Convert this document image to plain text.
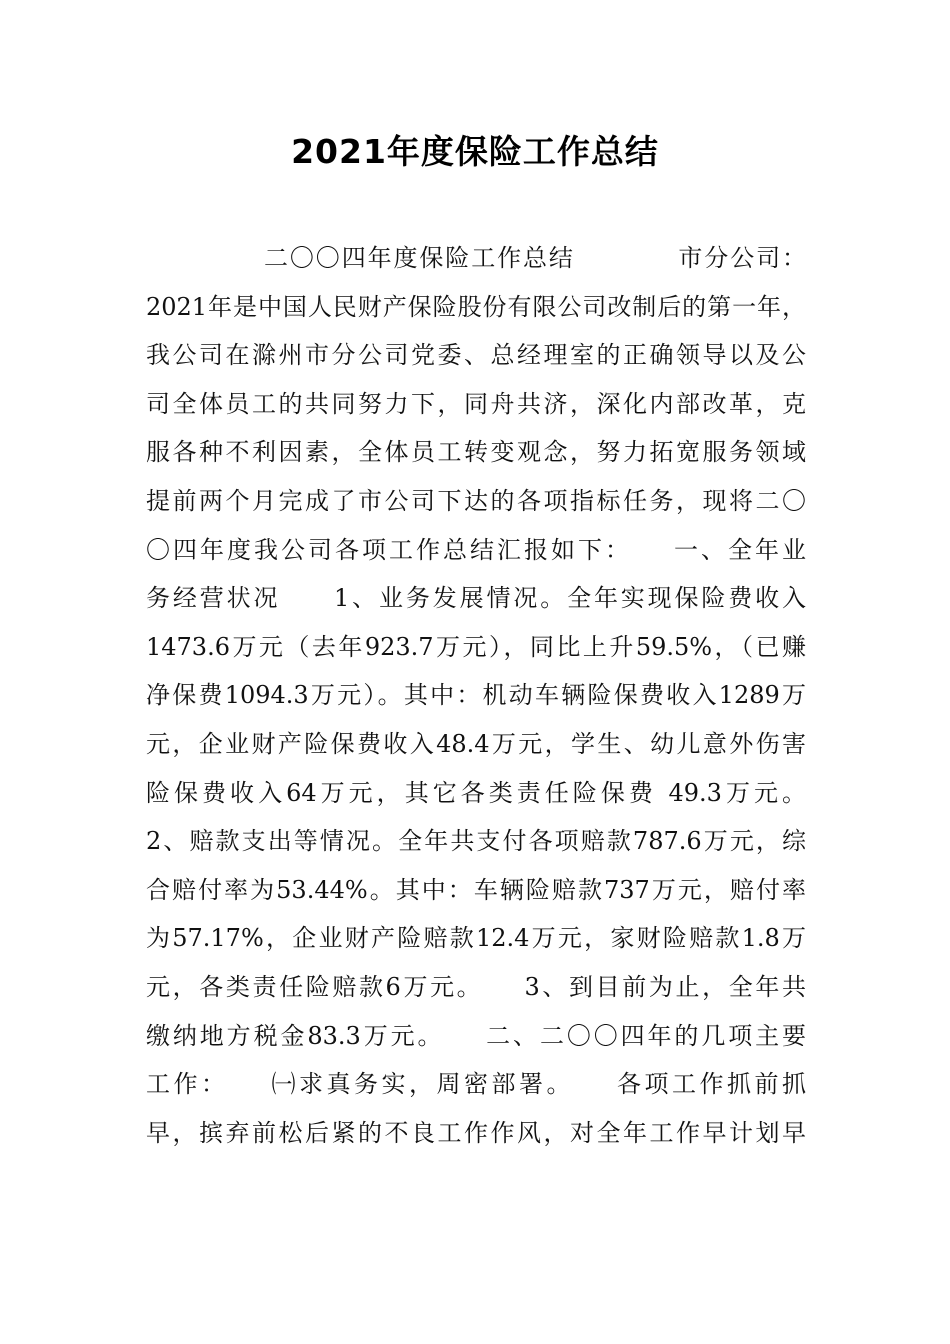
2021年度保险工作总结
二〇〇四年度保险工作总结　　　　市分公司：
2021年是中国人民财产保险股份有限公司改制后的第一年，
我公司在滁州市分公司党委、总经理室的正确领导以及公
司全体员工的共同努力下，同舟共济，深化内部改革，克
服各种不利因素，全体员工转变观念，努力拓宽服务领域
提前两个月完成了市公司下达的各项指标任务，现将二〇
〇四年度我公司各项工作总结汇报如下：　　一、全年业
务经营状况　　1、业务发展情况。全年实现保险费收入
1473.6万元（去年923.7万元），同比上升59.5%，（已赚
净保费1094.3万元）。其中：机动车辆险保费收入1289万
元，企业财产险保费收入48.4万元，学生、幼儿意外伤害
险保费收入64万元，其它各类责任险保费 49.3万元。
2、赔款支出等情况。全年共支付各项赔款787.6万元，综
合赔付率为53.44%。其中：车辆险赔款737万元，赔付率
为57.17%，企业财产险赔款12.4万元，家财险赔款1.8万
元，各类责任险赔款6万元。　　3、到目前为止，全年共
缴纳地方税金83.3万元。　　二、二〇〇四年的几项主要
工作：　　㈠求真务实，周密部署。　　各项工作抓前抓
早，摈弃前松后紧的不良工作作风，对全年工作早计划早
